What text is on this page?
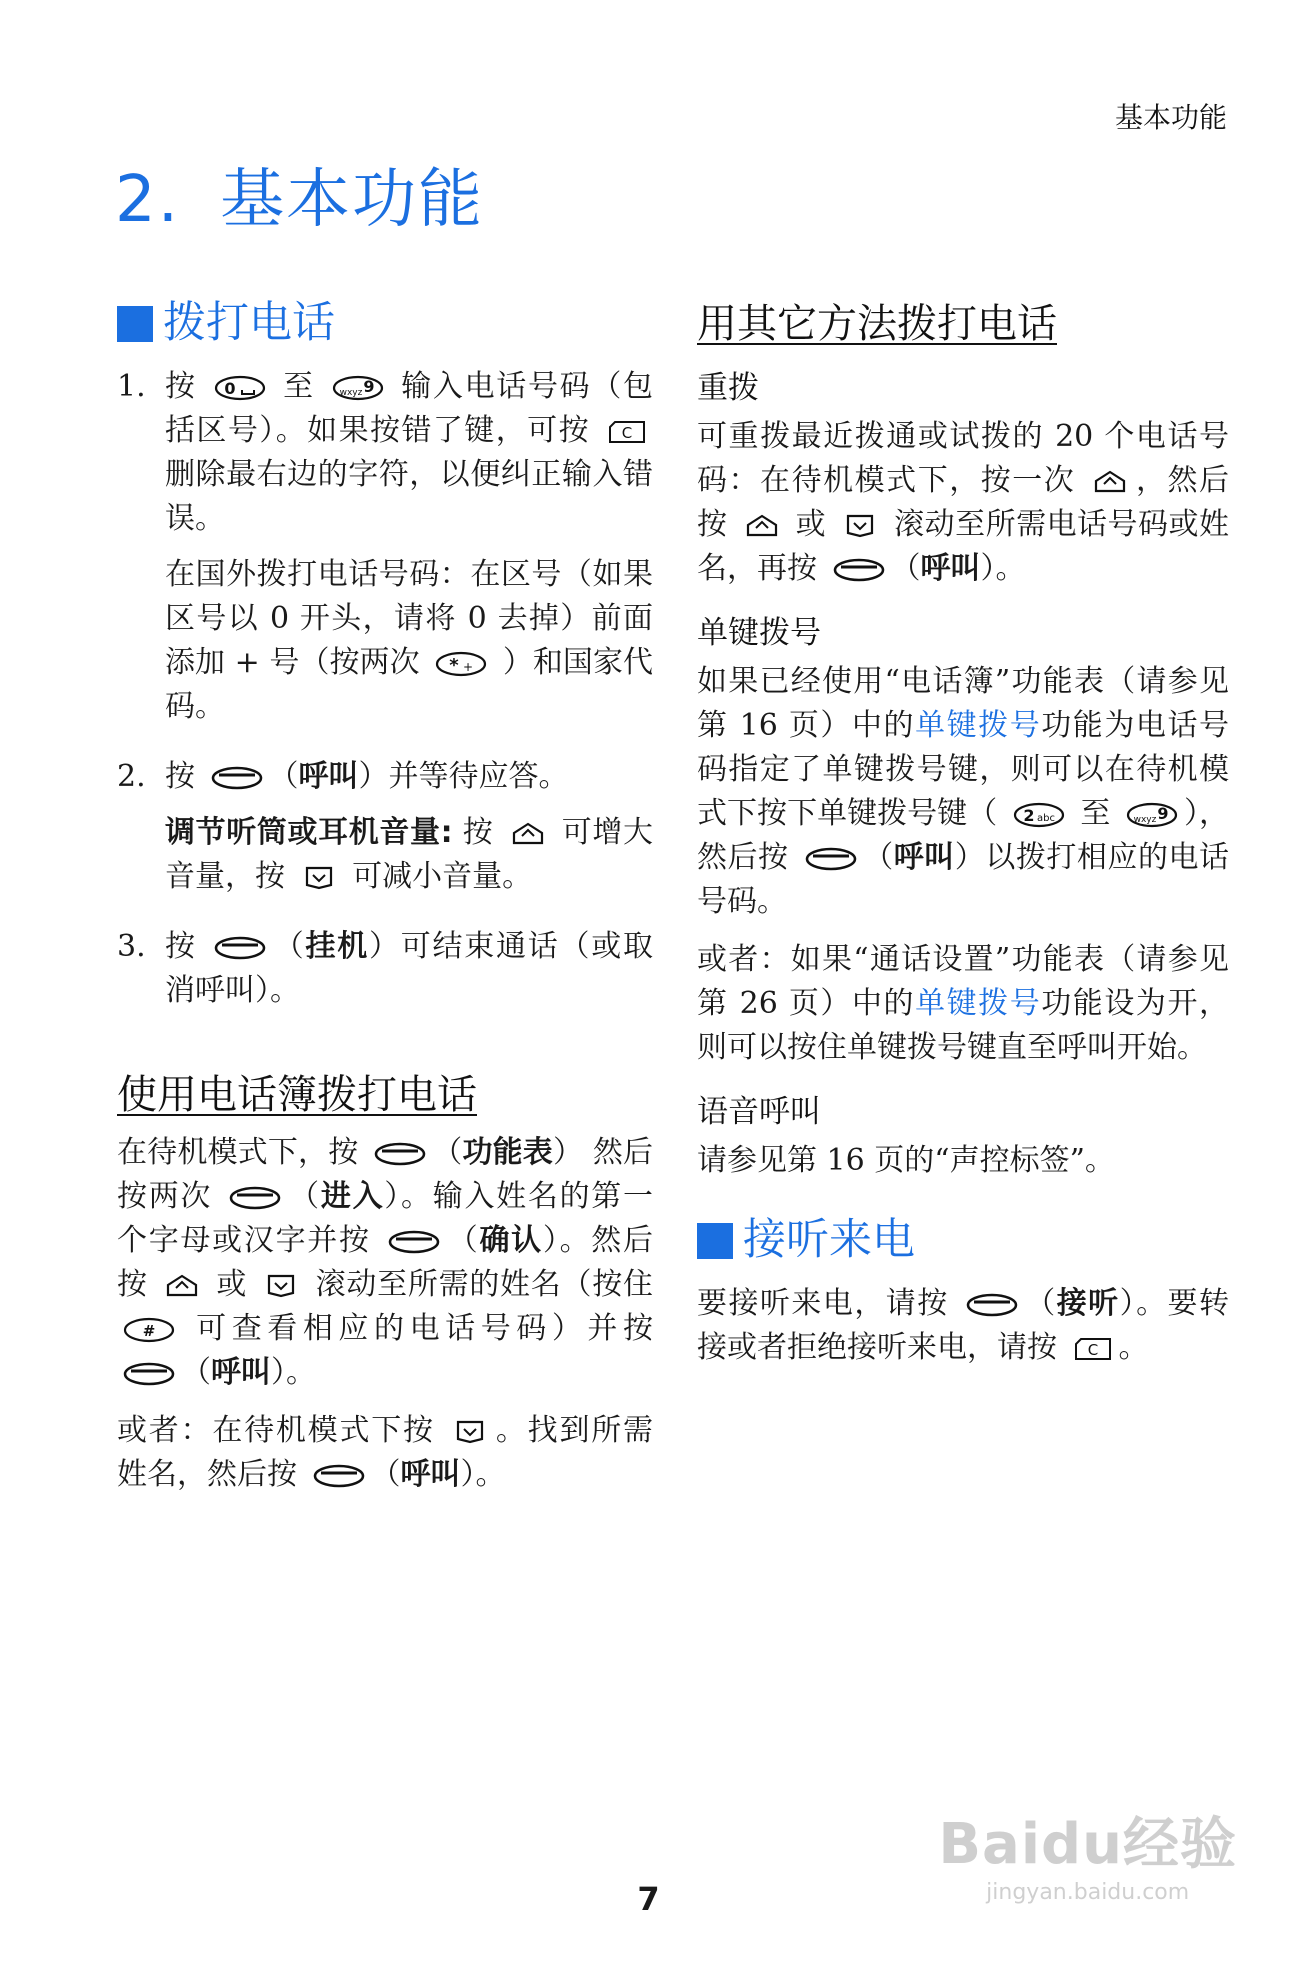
基本功能
2. 基本功能
拨打电话
1. 按	至	输入电话号码（包括区号）。如果按错了键，可按  删除最右边的字符，以便纠正输入错误。

在国外拨打电话号码：在区号（如果区号以 0 开头，请将 0 去掉）前面添加 + 号（按两次	）和国家代码。

2. 按 （呼叫）并等待应答。

调节听筒或耳机音量: 按 可增大音量，按 可减小音量。

3. 按	（挂机）可结束通话（或取消呼叫）。

使用电话簿拨打电话

在待机模式下，按 （功能表） 然后按两次	（进入）。输入姓名的第一个字母或汉字并按	（确认）。然后按 或 滚动至所需的姓名（按住  可查看相应的电话号码）并按 （呼叫）。

或者：在待机模式下按 。找到所需姓名，然后按 （呼叫）。

用其它方法拨打电话
重拨

可重拨最近拨通或试拨的 20 个电话号码：在待机模式下，按一次 ，然后按 或 滚动至所需电话号码或姓名，再按 （呼叫）。

单键拨号

如果已经使用“电话簿”功能表（请参见第 16 页）中的单键拨号功能为电话号码指定了单键拨号键，则可以在待机模式下按下单键拨号键（	至 ），然后按 （呼叫）以拨打相应的电话号码。

或者：如果“通话设置”功能表（请参见第 26 页）中的单键拨号功能设为开，则可以按住单键拨号键直至呼叫开始。

语音呼叫

请参见第 16 页的“声控标签”。

接听来电

要接听来电，请按	（接听）。要转接或者拒绝接听来电，请按 。

7
Baidu经验
jingyan.baidu.com
